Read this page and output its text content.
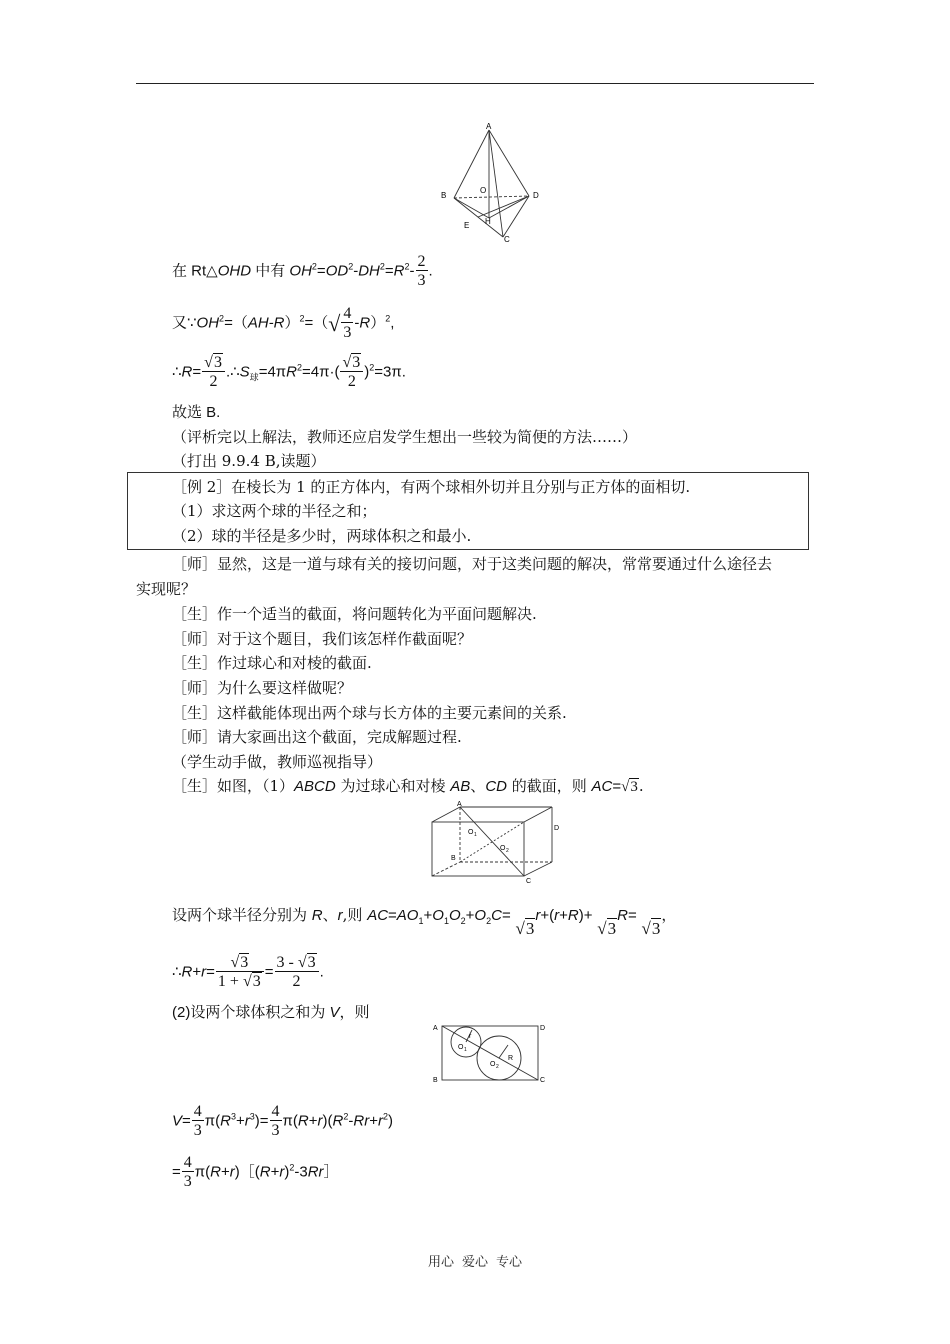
A
B	D
O
E H
C
在 Rt△OHD 中有 $OH^2=OD^2-DH^2=R^2- \frac{2}{3}$ .
又$\because OH^2=(AH-R)^2=(√ \frac{4}{3} -R)^2$,
∴R= $\frac{√3}{2}$ $.\therefore S_球=4\pi R^2=4\pi\cdot( \frac{√3}{2} )^2=3\pi$.
故选 B.
（评析完以上解法，教师还应启发学生想出一些较为简便的方法……）
（打出 9.9.4 B,读题）
［例 2］在棱长为 1 的正方体内，有两个球相外切并且分别与正方体的面相切.
（1）求这两个球的半径之和；
（2）球的半径是多少时，两球体积之和最小.
［师］显然，这是一道与球有关的接切问题，对于这类问题的解决，常常要通过什么途径去
实现呢？
［生］作一个适当的截面，将问题转化为平面问题解决.
［师］对于这个题目，我们该怎样作截面呢？
［生］作过球心和对棱的截面.
［师］为什么要这样做呢？
［生］这样截能体现出两个球与长方体的主要元素间的关系.
［师］请大家画出这个截面，完成解题过程.
（学生动手做，教师巡视指导）
［生］如图，（1）ABCD 为过球心和对棱 AB、CD 的截面，则 AC=√3.
A
D
O 1
O 2
B
C
设两个球半径分别为 R、r,则 $AC=AO_1+O_1O_2+O_2C= √3r+(r+R)+ √3R= √3$，
∴R+r= $\frac{√3}{1 + √3} = \frac{3 - √3}{2}$ .
(2)设两个球体积之和为 V，则
A	D
B	C
O 1
r
O 2
R
$V= \frac{4}{3} \pi(R^3+r^3)= \frac{4}{3} \pi(R+r)(R^2-Rr+r^2)$
= $\frac{4}{3}$ $\pi(R+r)[(R+r)^2-3Rr]$
用心 爱心 专心
